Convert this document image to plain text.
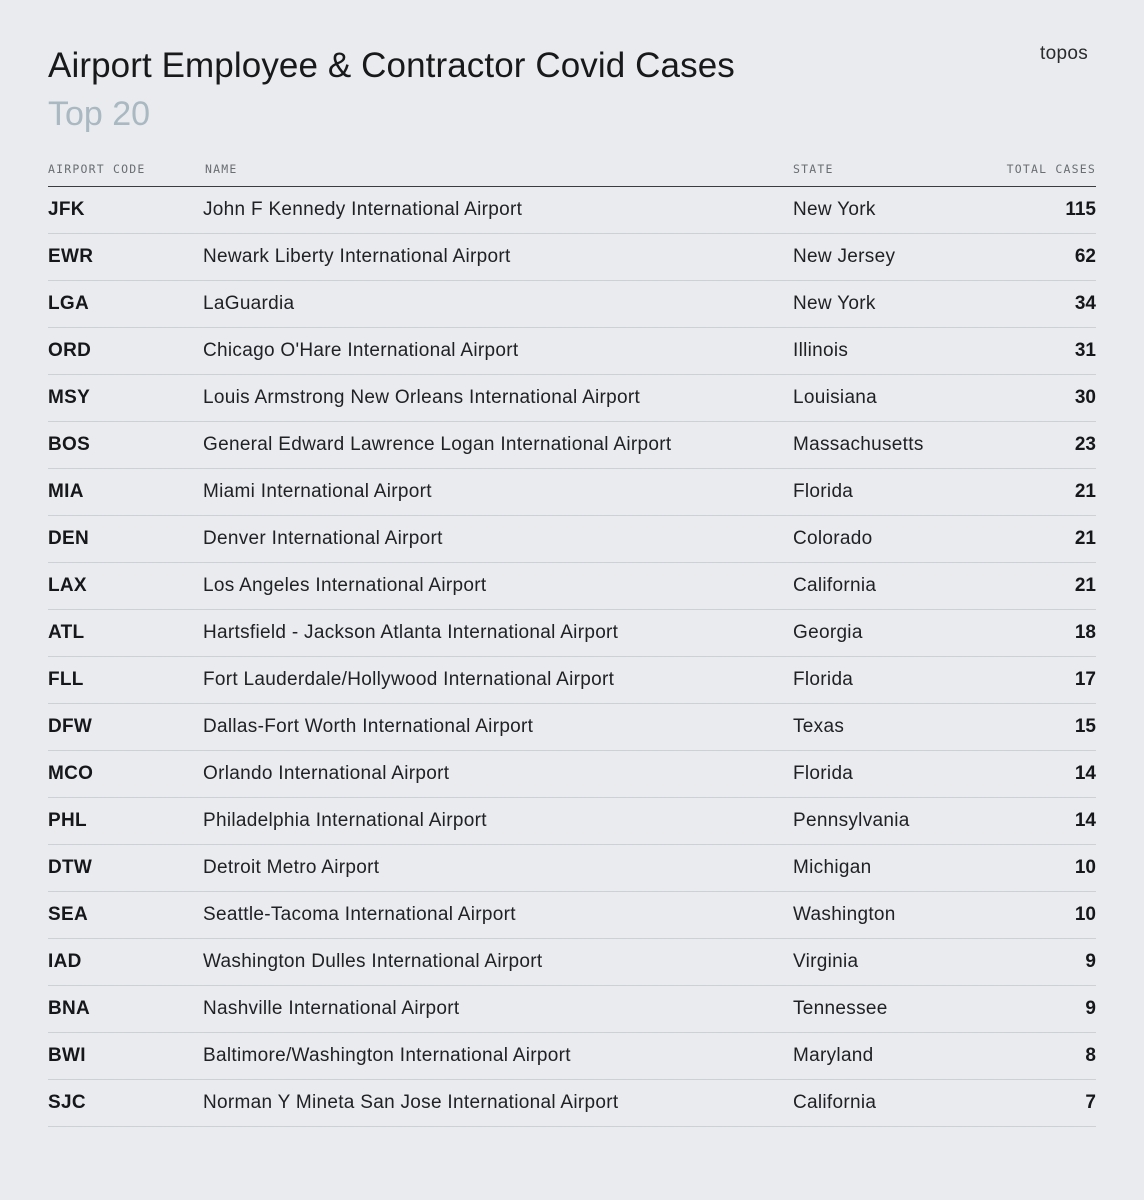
Airport Employee & Contractor Covid Cases
Top 20
topos
AIRPORT CODE	NAME	STATE	TOTAL CASES
JFK	John F Kennedy International Airport	New York	115
EWR	Newark Liberty International Airport	New Jersey	62
LGA	LaGuardia	New York	34
ORD	Chicago O'Hare International Airport	Illinois	31
MSY	Louis Armstrong New Orleans International Airport	Louisiana	30
BOS	General Edward Lawrence Logan International Airport	Massachusetts	23
MIA	Miami International Airport	Florida	21
DEN	Denver International Airport	Colorado	21
LAX	Los Angeles International Airport	California	21
ATL	Hartsfield - Jackson Atlanta International Airport	Georgia	18
FLL	Fort Lauderdale/Hollywood International Airport	Florida	17
DFW	Dallas-Fort Worth International Airport	Texas	15
MCO	Orlando International Airport	Florida	14
PHL	Philadelphia International Airport	Pennsylvania	14
DTW	Detroit Metro Airport	Michigan	10
SEA	Seattle-Tacoma International Airport	Washington	10
IAD	Washington Dulles International Airport	Virginia	9
BNA	Nashville International Airport	Tennessee	9
BWI	Baltimore/Washington International Airport	Maryland	8
SJC	Norman Y Mineta San Jose International Airport	California	7
